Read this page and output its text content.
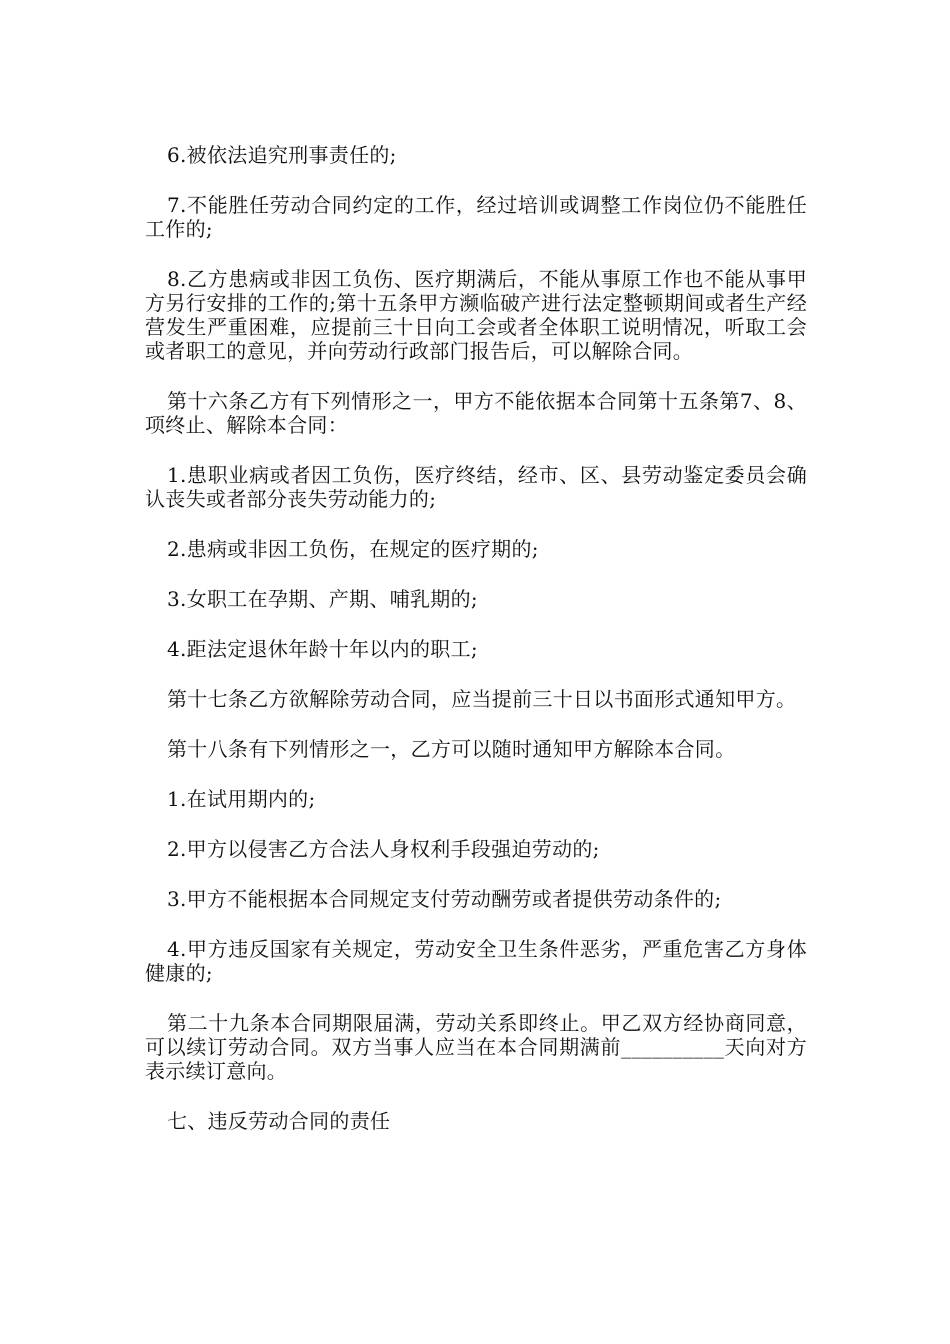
6.被依法追究刑事责任的;

7.不能胜任劳动合同约定的工作，经过培训或调整工作岗位仍不能胜任工作的;

8.乙方患病或非因工负伤、医疗期满后，不能从事原工作也不能从事甲方另行安排的工作的;第十五条甲方濒临破产进行法定整顿期间或者生产经营发生严重困难，应提前三十日向工会或者全体职工说明情况，听取工会或者职工的意见，并向劳动行政部门报告后，可以解除合同。

第十六条乙方有下列情形之一，甲方不能依据本合同第十五条第7、8、项终止、解除本合同：

1.患职业病或者因工负伤，医疗终结，经市、区、县劳动鉴定委员会确认丧失或者部分丧失劳动能力的;

2.患病或非因工负伤，在规定的医疗期的;

3.女职工在孕期、产期、哺乳期的;

4.距法定退休年龄十年以内的职工;

第十七条乙方欲解除劳动合同，应当提前三十日以书面形式通知甲方。

第十八条有下列情形之一，乙方可以随时通知甲方解除本合同。

1.在试用期内的;

2.甲方以侵害乙方合法人身权利手段强迫劳动的;

3.甲方不能根据本合同规定支付劳动酬劳或者提供劳动条件的;

4.甲方违反国家有关规定，劳动安全卫生条件恶劣，严重危害乙方身体健康的;

第二十九条本合同期限届满，劳动关系即终止。甲乙双方经协商同意，可以续订劳动合同。双方当事人应当在本合同期满前__________天向对方表示续订意向。

七、违反劳动合同的责任
